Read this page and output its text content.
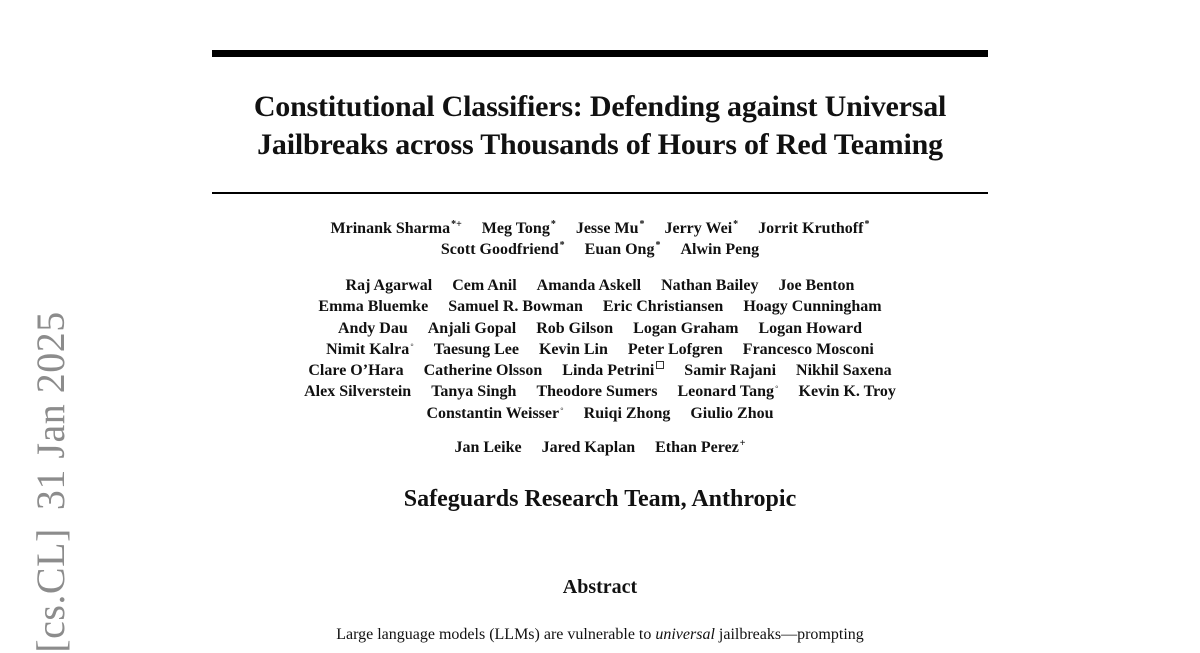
Constitutional Classifiers: Defending against Universal
Jailbreaks across Thousands of Hours of Red Teaming
Mrinank Sharma*+ Meg Tong* Jesse Mu* Jerry Wei* Jorrit Kruthoff*
Scott Goodfriend* Euan Ong* Alwin Peng
Raj Agarwal Cem Anil Amanda Askell Nathan Bailey Joe Benton
Emma Bluemke Samuel R. Bowman Eric Christiansen Hoagy Cunningham
Andy Dau Anjali Gopal Rob Gilson Logan Graham Logan Howard
Nimit Kalra◦ Taesung Lee Kevin Lin Peter Lofgren Francesco Mosconi
Clare O’Hara Catherine Olsson Linda Petrini Samir Rajani Nikhil Saxena
Alex Silverstein Tanya Singh Theodore Sumers Leonard Tang◦ Kevin K. Troy
Constantin Weisser◦ Ruiqi Zhong Giulio Zhou
Jan Leike Jared Kaplan Ethan Perez+

Safeguards Research Team, Anthropic

Abstract

Large language models (LLMs) are vulnerable to universal jailbreaks—prompting

[cs.CL]31 Jan 2025
